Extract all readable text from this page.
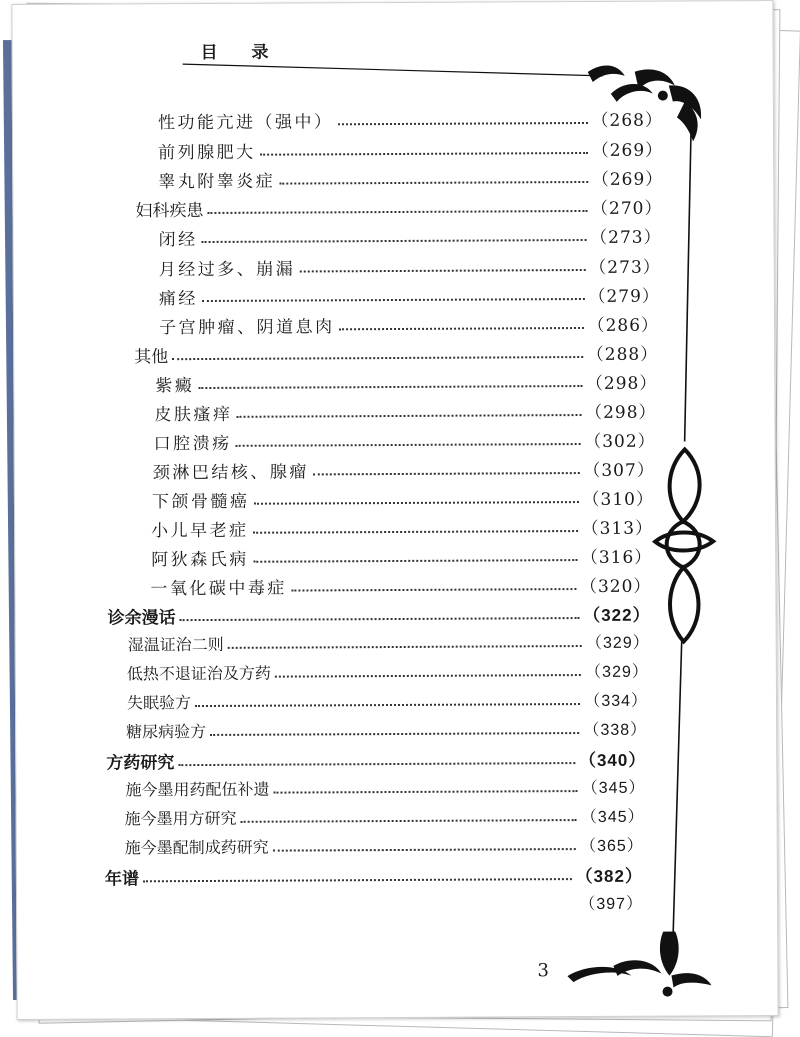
目 录
性功能亢进（强中）	（268）
前列腺肥大	（269）
睾丸附睾炎症	（269）
妇科疾患	（270）
闭经	（273）
月经过多、崩漏	（273）
痛经	（279）
子宫肿瘤、阴道息肉	（286）
其他	（288）
紫癜	（298）
皮肤瘙痒	（298）
口腔溃疡	（302）
颈淋巴结核、腺瘤	（307）
下颌骨髓癌	（310）
小儿早老症	（313）
阿狄森氏病	（316）
一氧化碳中毒症	（320）
诊余漫话	（322）
湿温证治二则	（329）
低热不退证治及方药	（329）
失眠验方	（334）
糖尿病验方	（338）
方药研究	（340）
施今墨用药配伍补遗	（345）
施今墨用方研究	（345）
施今墨配制成药研究	（365）
年谱	（382）
（397）
3
